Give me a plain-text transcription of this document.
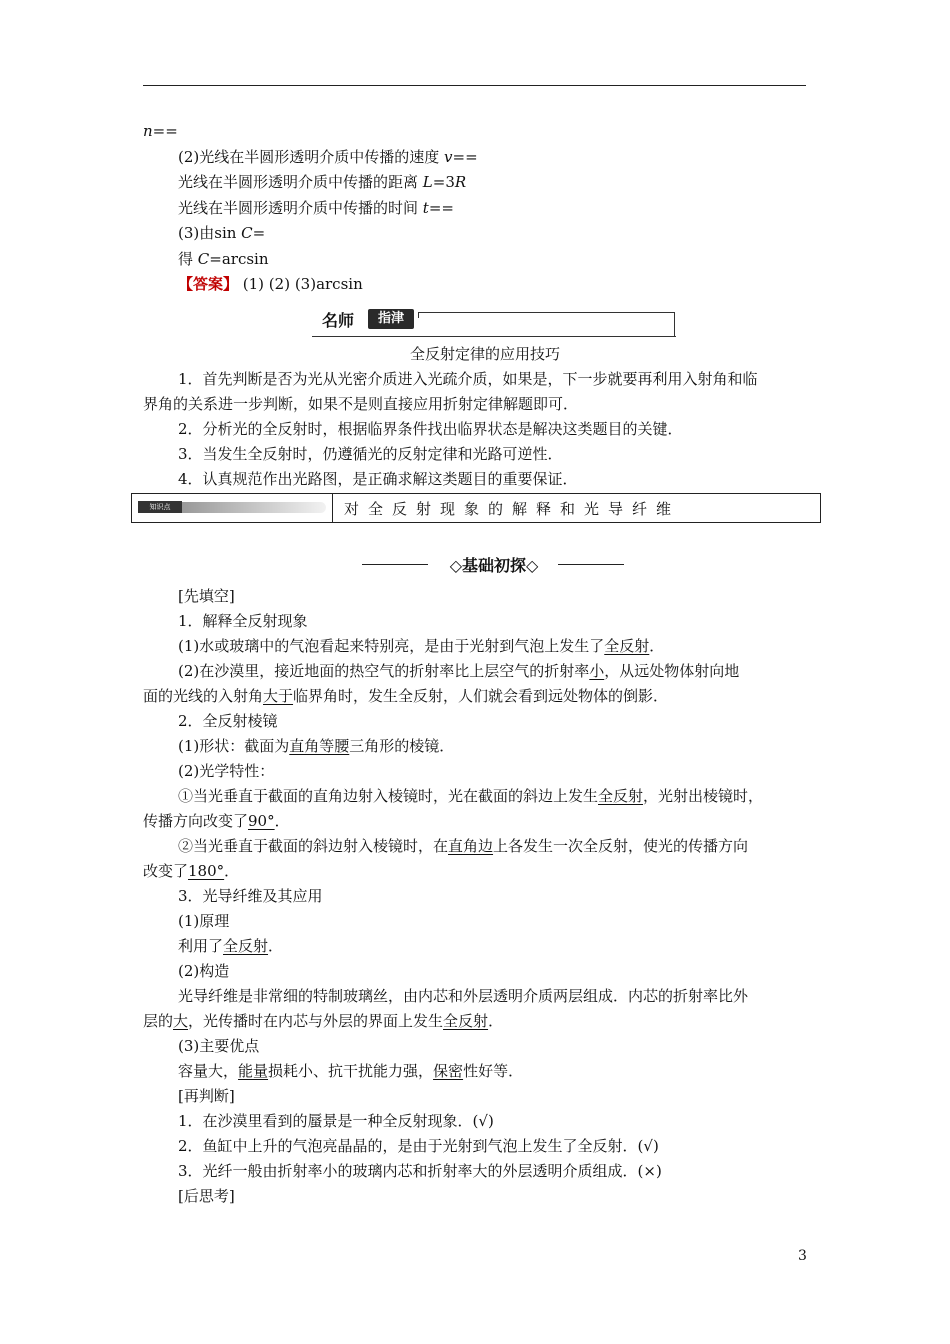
n==
(2)光线在半圆形透明介质中传播的速度 v==
光线在半圆形透明介质中传播的距离 L=3R
光线在半圆形透明介质中传播的时间 t==
(3)由sin C=
得 C=arcsin
【答案】 (1) (2) (3)arcsin
名师	指津
全反射定律的应用技巧
1．首先判断是否为光从光密介质进入光疏介质，如果是，下一步就要再利用入射角和临
界角的关系进一步判断，如果不是则直接应用折射定律解题即可．
2．分析光的全反射时，根据临界条件找出临界状态是解决这类题目的关键．
3．当发生全反射时，仍遵循光的反射定律和光路可逆性．
4．认真规范作出光路图，是正确求解这类题目的重要保证．
知识点	对全反射现象的解释和光导纤维
◇基础初探◇
[先填空]
1．解释全反射现象
(1)水或玻璃中的气泡看起来特别亮，是由于光射到气泡上发生了全反射．
(2)在沙漠里，接近地面的热空气的折射率比上层空气的折射率小，从远处物体射向地
面的光线的入射角大于临界角时，发生全反射，人们就会看到远处物体的倒影．
2．全反射棱镜
(1)形状：截面为直角等腰三角形的棱镜．
(2)光学特性：
①当光垂直于截面的直角边射入棱镜时，光在截面的斜边上发生全反射，光射出棱镜时，
传播方向改变了90°．
②当光垂直于截面的斜边射入棱镜时，在直角边上各发生一次全反射，使光的传播方向
改变了180°．
3．光导纤维及其应用
(1)原理
利用了全反射．
(2)构造
光导纤维是非常细的特制玻璃丝，由内芯和外层透明介质两层组成．内芯的折射率比外
层的大，光传播时在内芯与外层的界面上发生全反射．
(3)主要优点
容量大，能量损耗小、抗干扰能力强，保密性好等．
[再判断]
1．在沙漠里看到的蜃景是一种全反射现象．(√)
2．鱼缸中上升的气泡亮晶晶的，是由于光射到气泡上发生了全反射．(√)
3．光纤一般由折射率小的玻璃内芯和折射率大的外层透明介质组成．(×)
[后思考]
3
